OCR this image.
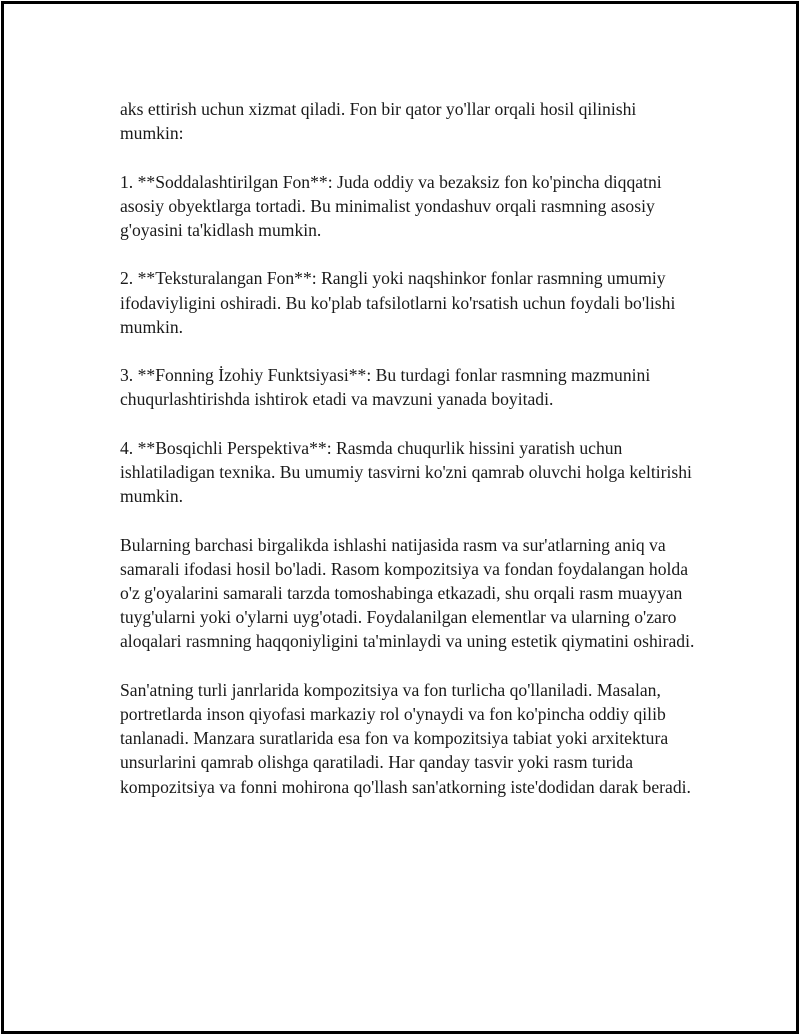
aks ettirish uchun xizmat qiladi. Fon bir qator yo'llar orqali hosil qilinishi mumkin:

1. **Soddalashtirilgan Fon**: Juda oddiy va bezaksiz fon ko'pincha diqqatni asosiy obyektlarga tortadi. Bu minimalist yondashuv orqali rasmning asosiy g'oyasini ta'kidlash mumkin.

2. **Teksturalangan Fon**: Rangli yoki naqshinkor fonlar rasmning umumiy ifodaviyligini oshiradi. Bu ko'plab tafsilotlarni ko'rsatish uchun foydali bo'lishi mumkin.

3. **Fonning İzohiy Funktsiyasi**: Bu turdagi fonlar rasmning mazmunini chuqurlashtirishda ishtirok etadi va mavzuni yanada boyitadi.

4. **Bosqichli Perspektiva**: Rasmda chuqurlik hissini yaratish uchun ishlatiladigan texnika. Bu umumiy tasvirni ko'zni qamrab oluvchi holga keltirishi mumkin.

Bularning barchasi birgalikda ishlashi natijasida rasm va sur'atlarning aniq va samarali ifodasi hosil bo'ladi. Rasom kompozitsiya va fondan foydalangan holda o'z g'oyalarini samarali tarzda tomoshabinga etkazadi, shu orqali rasm muayyan tuyg'ularni yoki o'ylarni uyg'otadi. Foydalanilgan elementlar va ularning o'zaro aloqalari rasmning haqqoniyligini ta'minlaydi va uning estetik qiymatini oshiradi.

San'atning turli janrlarida kompozitsiya va fon turlicha qo'llaniladi. Masalan, portretlarda inson qiyofasi markaziy rol o'ynaydi va fon ko'pincha oddiy qilib tanlanadi. Manzara suratlarida esa fon va kompozitsiya tabiat yoki arxitektura unsurlarini qamrab olishga qaratiladi. Har qanday tasvir yoki rasm turida kompozitsiya va fonni mohirona qo'llash san'atkorning iste'dodidan darak beradi.
